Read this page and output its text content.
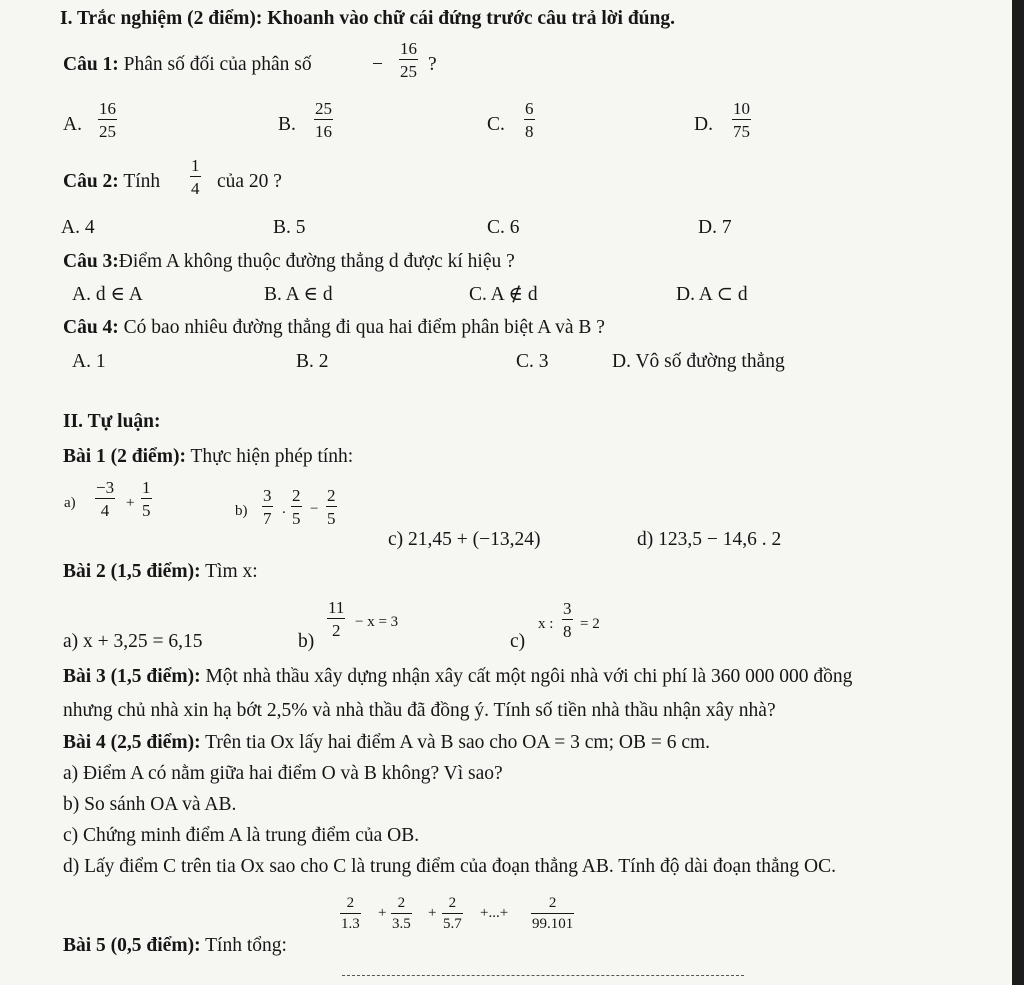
I. Trắc nghiệm (2 điểm): Khoanh vào chữ cái đứng trước câu trả lời đúng.
Câu 1: Phân số đối của phân số	−
16
25 ?
A.
16
25	B.
25
16	C.
6
8	D.
10
75
Câu 2: Tính
1
4 của 20 ?
A. 4	B. 5	C. 6	D. 7
Câu 3:Điểm A không thuộc đường thẳng d được kí hiệu ?
A. d ∈ A	B. A ∈ d	C. A ∉ d	D. A ⊂ d
Câu 4: Có bao nhiêu đường thẳng đi qua hai điểm phân biệt A và B ?
A. 1	B. 2	C. 3	D. Vô số đường thẳng
II. Tự luận:
Bài 1 (2 điểm): Thực hiện phép tính:
a)
−3
4	+
1
5	b)
3
7 .
2
5 −
2
5
c) 21,45 + (−13,24)	d) 123,5 − 14,6 . 2
Bài 2 (1,5 điểm): Tìm x:
a) x + 3,25 = 6,15	b)
11
2 − x = 3
c)
x :
3
8 = 2
Bài 3 (1,5 điểm): Một nhà thầu xây dựng nhận xây cất một ngôi nhà với chi phí là 360 000 000 đồng
nhưng chủ nhà xin hạ bớt 2,5% và nhà thầu đã đồng ý. Tính số tiền nhà thầu nhận xây nhà?
Bài 4 (2,5 điểm): Trên tia Ox lấy hai điểm A và B sao cho OA = 3 cm; OB = 6 cm.
a) Điểm A có nằm giữa hai điểm O và B không? Vì sao?
b) So sánh OA và AB.
c) Chứng minh điểm A là trung điểm của OB.
d) Lấy điểm C trên tia Ox sao cho C là trung điểm của đoạn thẳng AB. Tính độ dài đoạn thẳng OC.
Bài 5 (0,5 điểm): Tính tổng:
2
1.3
+
2
3.5
+
2
5.7
+...+
2
99.101
